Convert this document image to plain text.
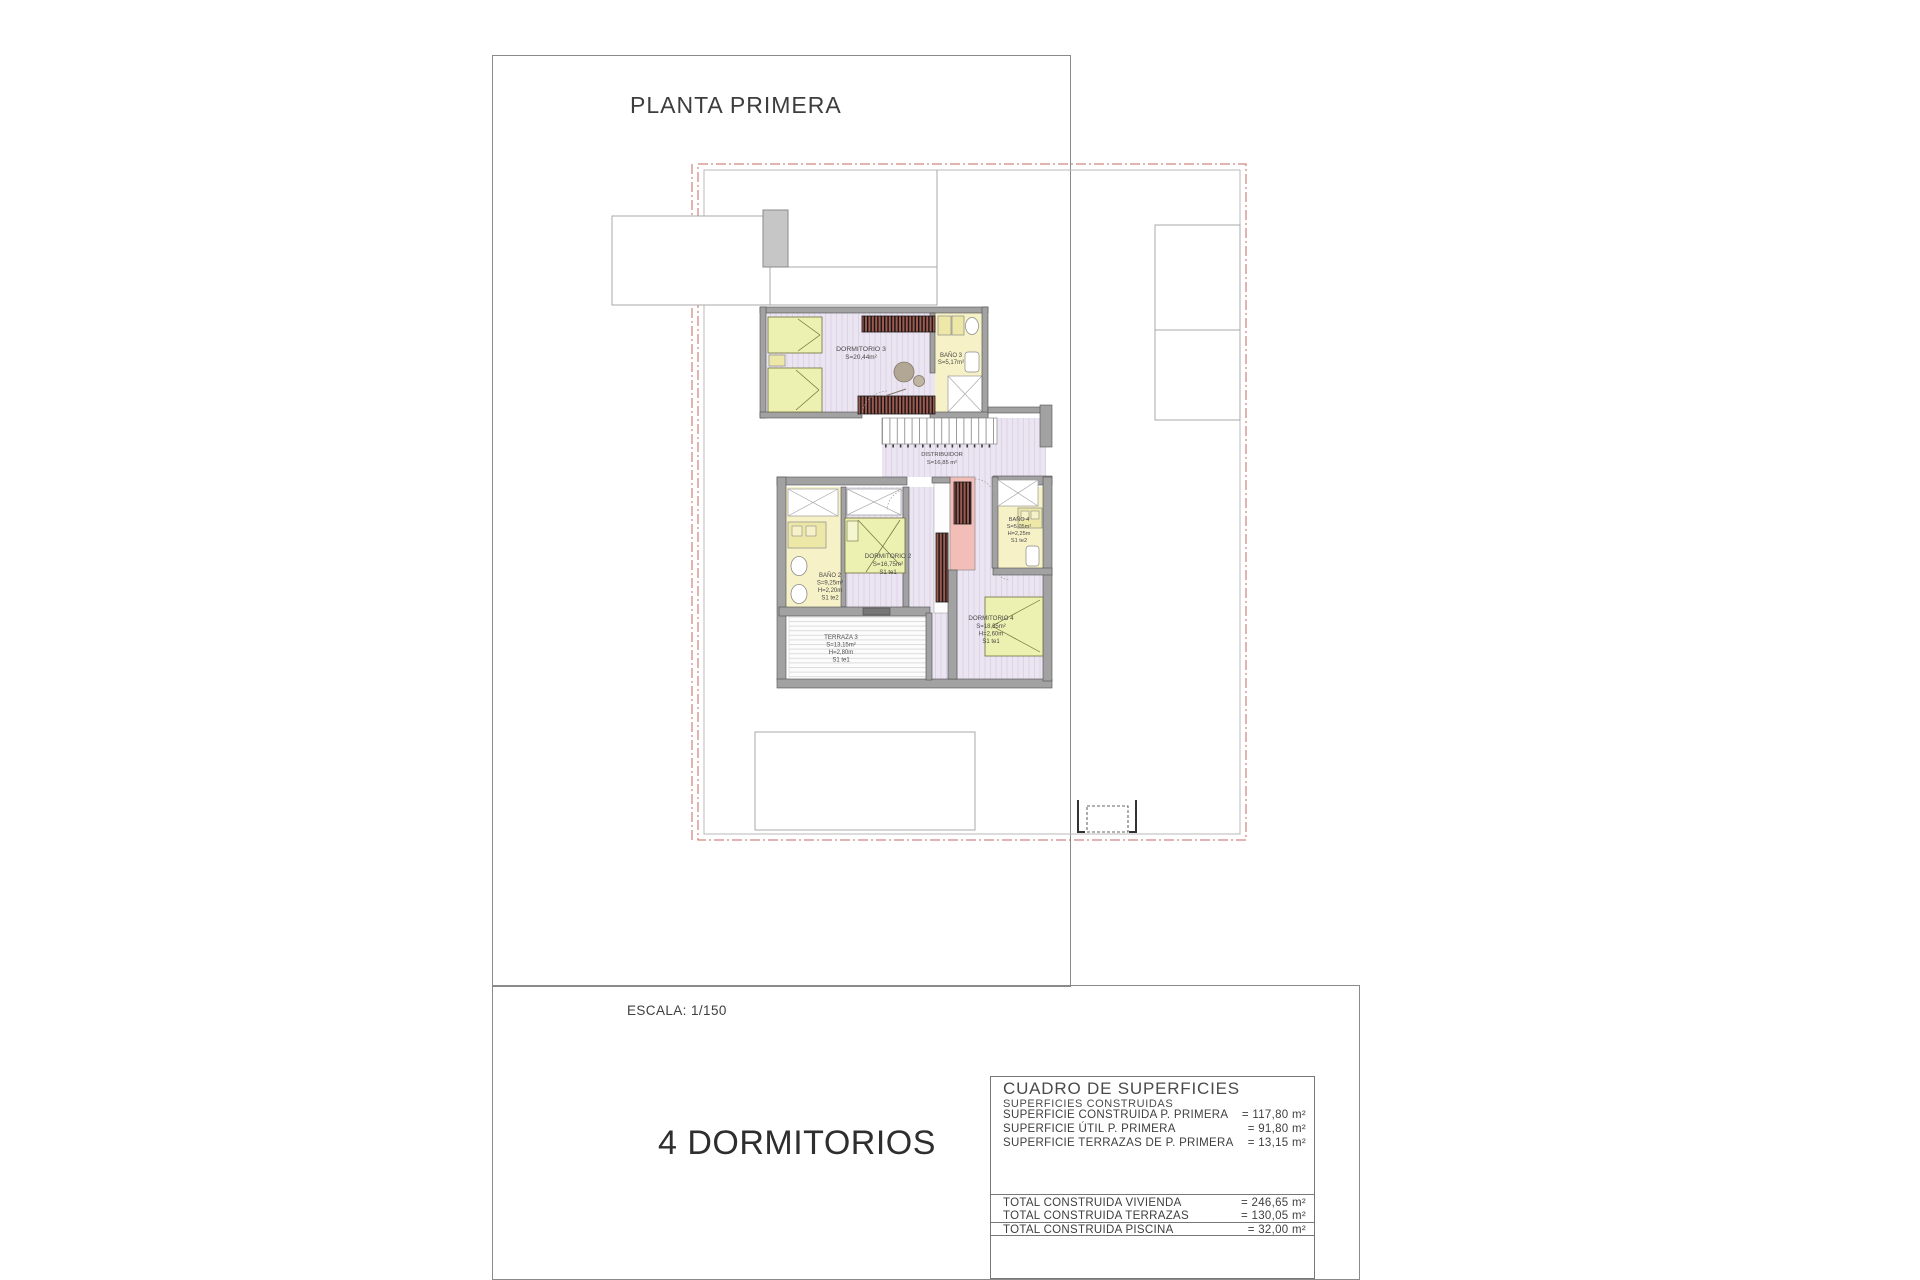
PLANTA PRIMERA
ESCALA: 1/150
4 DORMITORIOS
DORMITORIO 3
S=20,44m²	BAÑO 3
S=5,17m²
DISTRIBUIDOR
S=16,85 m²
DORMITORIO 2
S=16,75m²
S1 te1
BAÑO 2
S=9,25m²
H=2,20m
S1 te2
BAÑO 4
S=5,05m²
H=2,25m
S1 te2
DORMITORIO 4
S=18,35m²
H=2,60m
S1 te1
TERRAZA 3
S=13,15m²
H=2,80m
S1 te1
CUADRO DE SUPERFICIES
SUPERFICIES CONSTRUIDAS
SUPERFICIE CONSTRUIDA P. PRIMERA = 117,80 m²
SUPERFICIE ÚTIL P. PRIMERA	= 91,80 m²
SUPERFICIE TERRAZAS DE P. PRIMERA = 13,15 m²
TOTAL CONSTRUIDA VIVIENDA	= 246,65 m²
TOTAL CONSTRUIDA TERRAZAS	= 130,05 m²
TOTAL CONSTRUIDA PISCINA	= 32,00 m²
